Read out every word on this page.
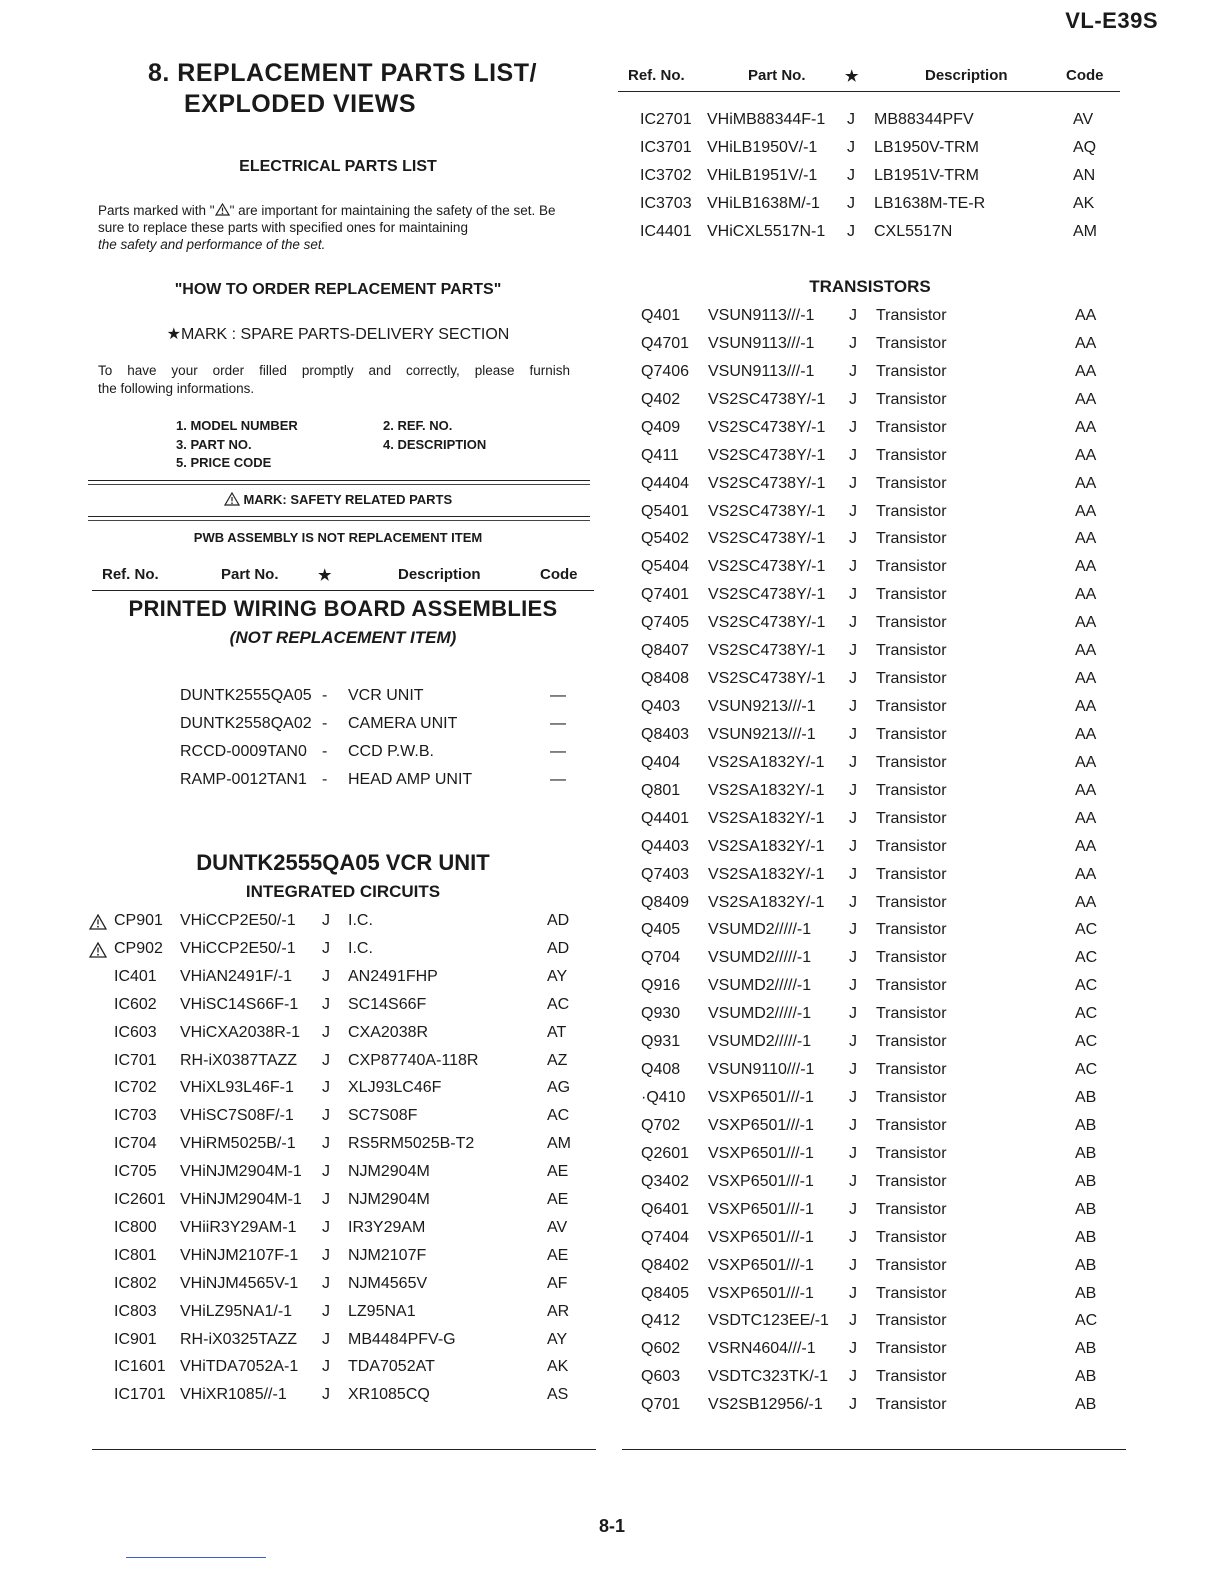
VL-E39S
8. REPLACEMENT PARTS LIST/
EXPLODED VIEWS
ELECTRICAL PARTS LIST
Parts marked with " " are important for maintaining the safety of the set. Be sure to replace these parts with specified ones for maintaining
the safety and performance of the set.
"HOW TO ORDER REPLACEMENT PARTS"
★MARK : SPARE PARTS-DELIVERY SECTION
To have your order filled promptly and correctly, please furnish
the following informations.
1. MODEL NUMBER	2. REF. NO.
3. PART NO.	4. DESCRIPTION
5. PRICE CODE
MARK: SAFETY RELATED PARTS
PWB ASSEMBLY IS NOT REPLACEMENT ITEM
Ref. No.	Part No.	★	Description	Code
PRINTED WIRING BOARD ASSEMBLIES
(NOT REPLACEMENT ITEM)
DUNTK2555QA05 - VCR UNIT	—
DUNTK2558QA02 - CAMERA UNIT	—
RCCD-0009TAN0 - CCD P.W.B.	—
RAMP-0012TAN1 - HEAD AMP UNIT	—
DUNTK2555QA05 VCR UNIT
INTEGRATED CIRCUITS
CP901 VHiCCP2E50/-1 J I.C.	AD
CP902 VHiCCP2E50/-1 J I.C.	AD
IC401 VHiAN2491F/-1 J AN2491FHP	AY
IC602 VHiSC14S66F-1 J SC14S66F	AC
IC603 VHiCXA2038R-1 J CXA2038R	AT
IC701 RH-iX0387TAZZ J CXP87740A-118R	AZ
IC702 VHiXL93L46F-1 J XLJ93LC46F	AG
IC703 VHiSC7S08F/-1 J SC7S08F	AC
IC704 VHiRM5025B/-1 J RS5RM5025B-T2	AM
IC705 VHiNJM2904M-1 J NJM2904M	AE
IC2601 VHiNJM2904M-1 J NJM2904M	AE
IC800 VHiiR3Y29AM-1 J IR3Y29AM	AV
IC801 VHiNJM2107F-1 J NJM2107F	AE
IC802 VHiNJM4565V-1 J NJM4565V	AF
IC803 VHiLZ95NA1/-1 J LZ95NA1	AR
IC901 RH-iX0325TAZZ J MB4484PFV-G	AY
IC1601 VHiTDA7052A-1 J TDA7052AT	AK
IC1701 VHiXR1085//-1 J XR1085CQ	AS
Ref. No.	Part No.	★	Description	Code
IC2701 VHiMB88344F-1 J MB88344PFV	AV
IC3701 VHiLB1950V/-1 J LB1950V-TRM	AQ
IC3702 VHiLB1951V/-1 J LB1951V-TRM	AN
IC3703 VHiLB1638M/-1 J LB1638M-TE-R	AK
IC4401 VHiCXL5517N-1 J CXL5517N	AM
TRANSISTORS
Q401 VSUN9113///-1 J Transistor	AA
Q4701 VSUN9113///-1 J Transistor	AA
Q7406 VSUN9113///-1 J Transistor	AA
Q402 VS2SC4738Y/-1 J Transistor	AA
Q409 VS2SC4738Y/-1 J Transistor	AA
Q411 VS2SC4738Y/-1 J Transistor	AA
Q4404 VS2SC4738Y/-1 J Transistor	AA
Q5401 VS2SC4738Y/-1 J Transistor	AA
Q5402 VS2SC4738Y/-1 J Transistor	AA
Q5404 VS2SC4738Y/-1 J Transistor	AA
Q7401 VS2SC4738Y/-1 J Transistor	AA
Q7405 VS2SC4738Y/-1 J Transistor	AA
Q8407 VS2SC4738Y/-1 J Transistor	AA
Q8408 VS2SC4738Y/-1 J Transistor	AA
Q403 VSUN9213///-1 J Transistor	AA
Q8403 VSUN9213///-1 J Transistor	AA
Q404 VS2SA1832Y/-1 J Transistor	AA
Q801 VS2SA1832Y/-1 J Transistor	AA
Q4401 VS2SA1832Y/-1 J Transistor	AA
Q4403 VS2SA1832Y/-1 J Transistor	AA
Q7403 VS2SA1832Y/-1 J Transistor	AA
Q8409 VS2SA1832Y/-1 J Transistor	AA
Q405 VSUMD2/////-1 J Transistor	AC
Q704 VSUMD2/////-1 J Transistor	AC
Q916 VSUMD2/////-1 J Transistor	AC
Q930 VSUMD2/////-1 J Transistor	AC
Q931 VSUMD2/////-1 J Transistor	AC
Q408 VSUN9110///-1 J Transistor	AC
·Q410 VSXP6501///-1 J Transistor	AB
Q702 VSXP6501///-1 J Transistor	AB
Q2601 VSXP6501///-1 J Transistor	AB
Q3402 VSXP6501///-1 J Transistor	AB
Q6401 VSXP6501///-1 J Transistor	AB
Q7404 VSXP6501///-1 J Transistor	AB
Q8402 VSXP6501///-1 J Transistor	AB
Q8405 VSXP6501///-1 J Transistor	AB
Q412 VSDTC123EE/-1 J Transistor	AC
Q602 VSRN4604///-1 J Transistor	AB
Q603 VSDTC323TK/-1 J Transistor	AB
Q701 VS2SB12956/-1 J Transistor	AB
8-1
